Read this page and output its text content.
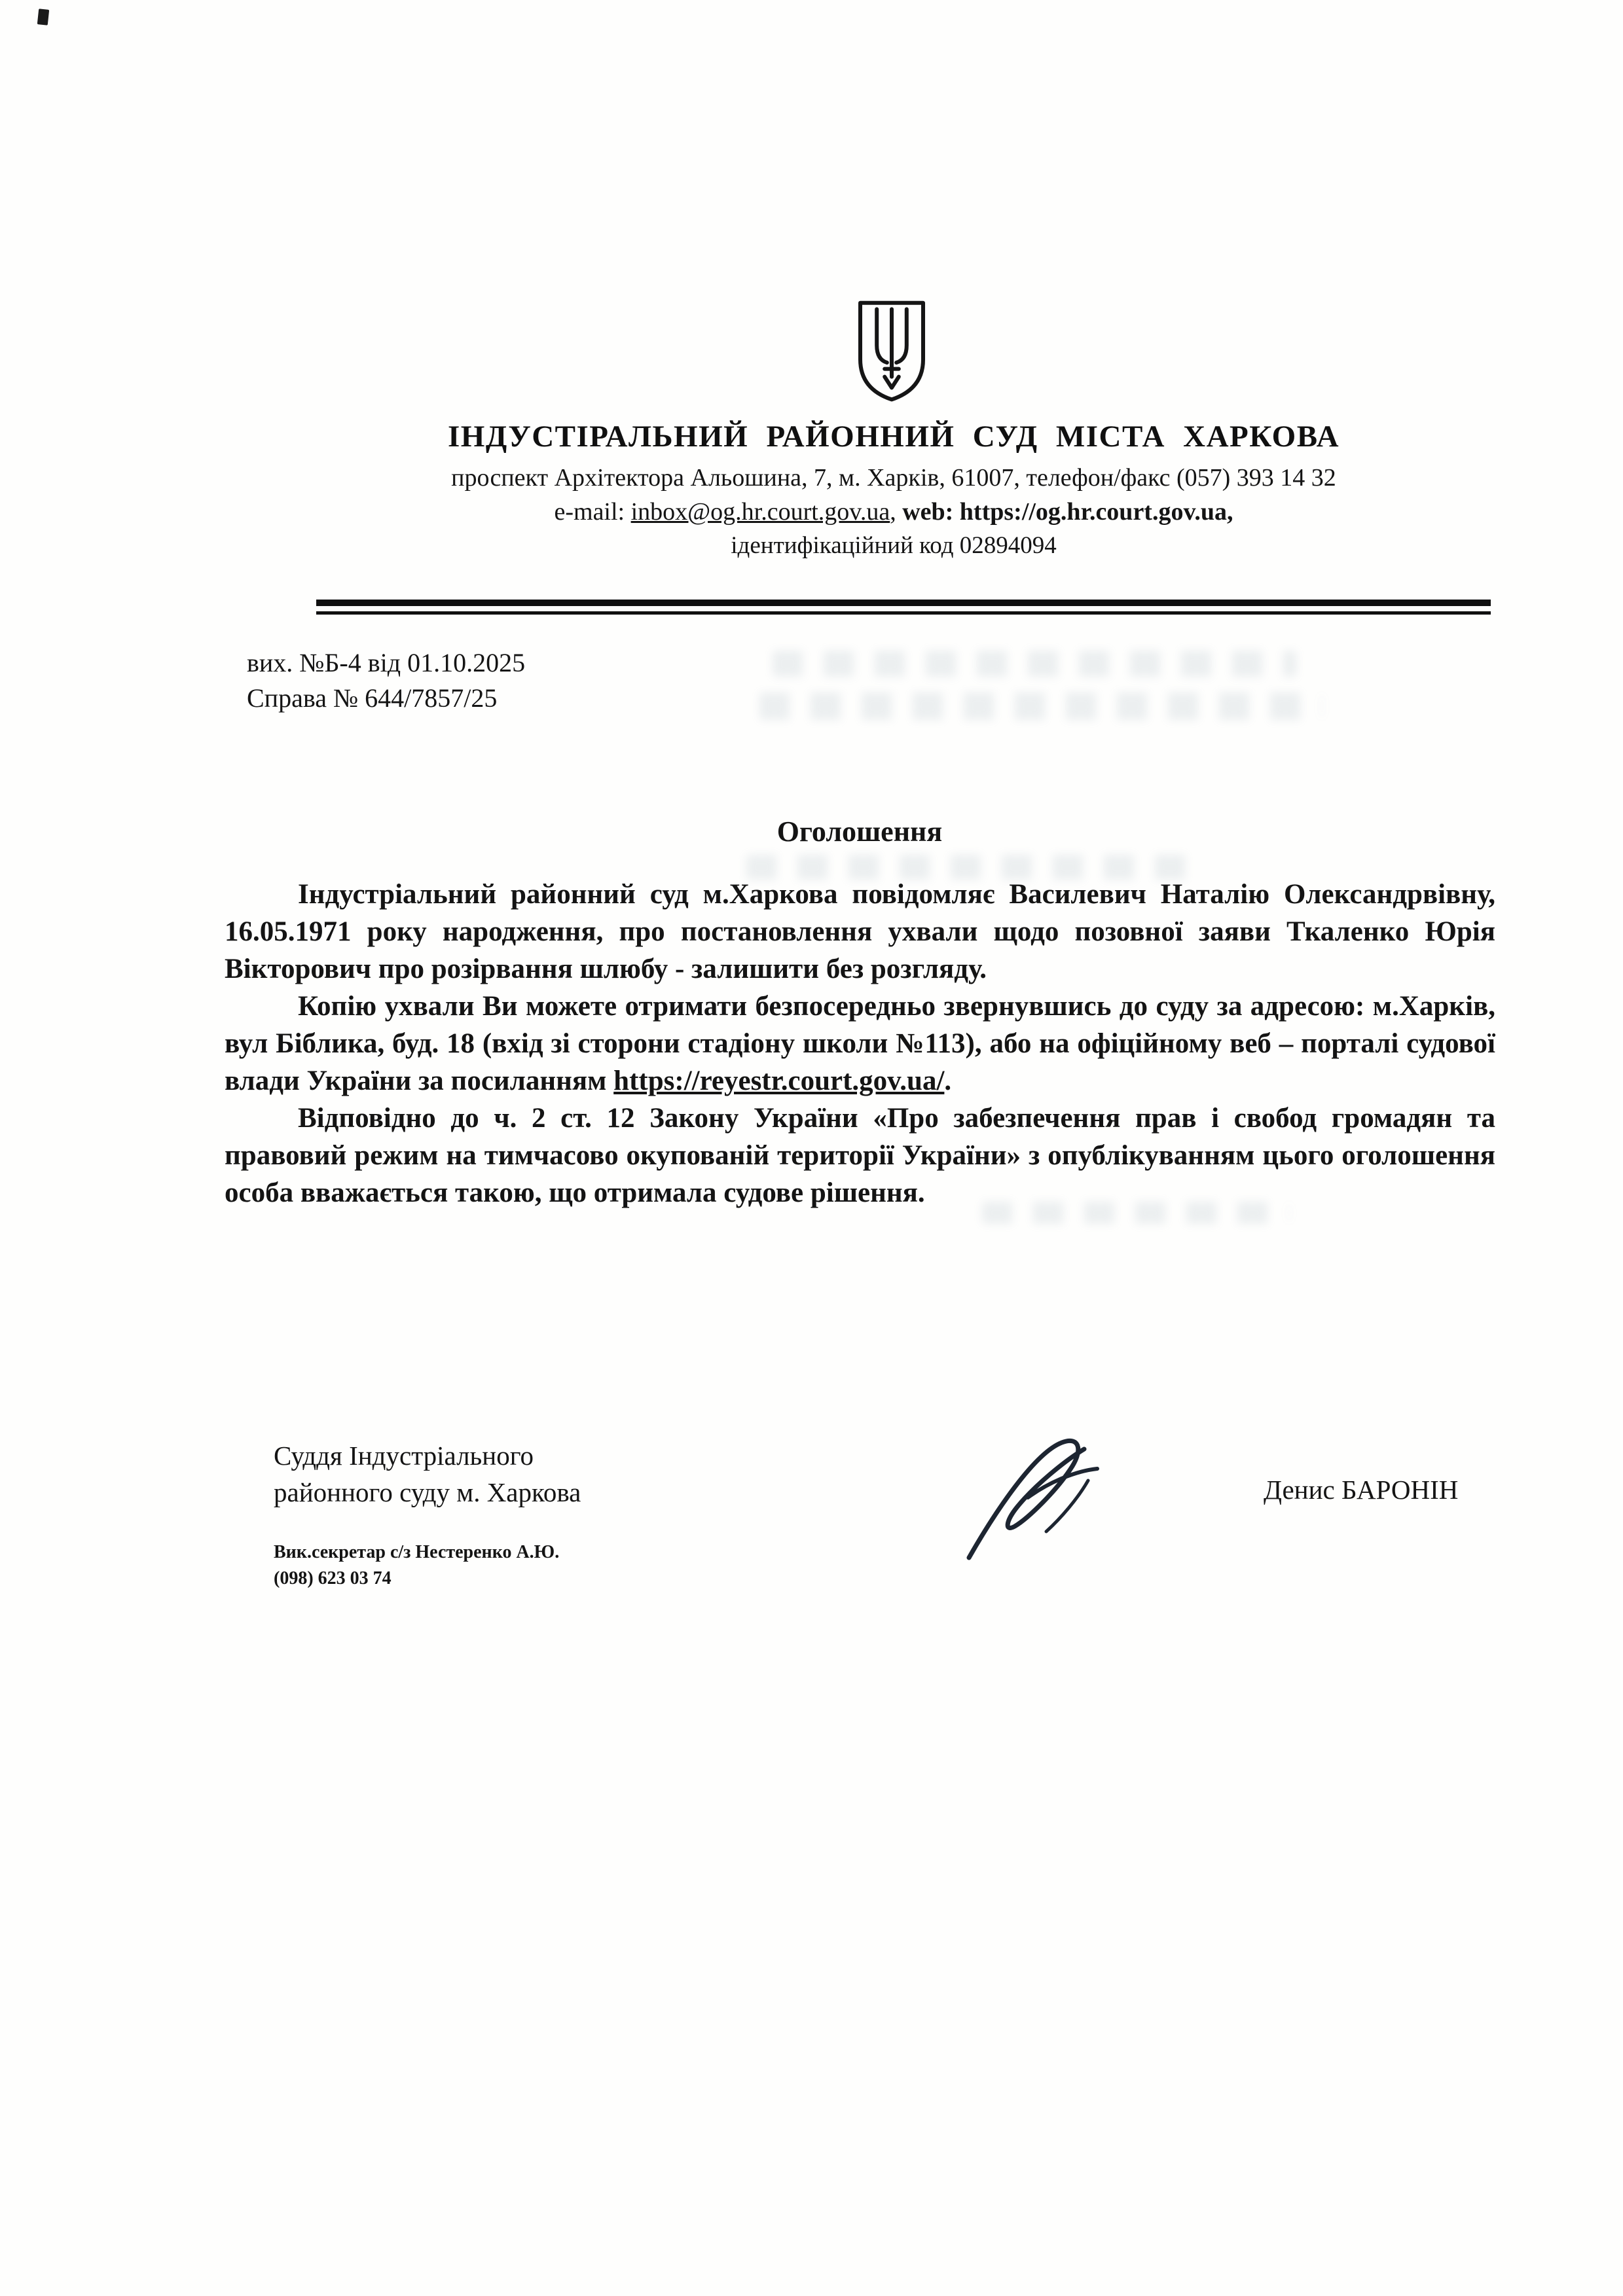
ІНДУСТІРАЛЬНИЙ РАЙОННИЙ СУД МІСТА ХАРКОВА
проспект Архітектора Альошина, 7, м. Харків, 61007, телефон/факс (057) 393 14 32
e-mail: inbox@og.hr.court.gov.ua, web: https://og.hr.court.gov.ua,
ідентифікаційний код 02894094
вих. №Б-4 від 01.10.2025
Справа № 644/7857/25
Оголошення

Індустріальний районний суд м.Харкова повідомляє Василевич Наталію Олександрвівну, 16.05.1971 року народження, про постановлення ухвали щодо позовної заяви Ткаленко Юрія Вікторович про розірвання шлюбу - залишити без розгляду.

Копію ухвали Ви можете отримати безпосередньо звернувшись до суду за адресою: м.Харків, вул Біблика, буд. 18 (вхід зі сторони стадіону школи №113), або на офіційному веб – порталі судової влади України за посиланням https://reyestr.court.gov.ua/.

Відповідно до ч. 2 ст. 12 Закону України «Про забезпечення прав і свобод громадян та правовий режим на тимчасово окупованій території України» з опублікуванням цього оголошення особа вважається такою, що отримала судове рішення.

Суддя Індустріального
районного суду м. Харкова	Денис БАРОНІН
Вик.секретар с/з Нестеренко А.Ю.
(098) 623 03 74
